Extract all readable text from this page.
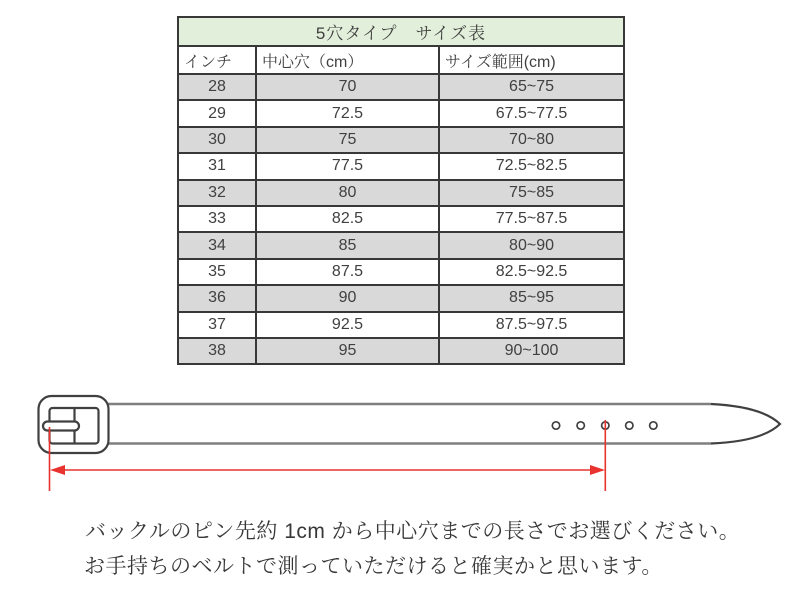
5穴タイプ　サイズ表		
インチ	中心穴（cm）	サイズ範囲(cm)
28	70	65~75
29	72.5	67.5~77.5
30	75	70~80
31	77.5	72.5~82.5
32	80	75~85
33	82.5	77.5~87.5
34	85	80~90
35	87.5	82.5~92.5
36	90	85~95
37	92.5	87.5~97.5
38	95	90~100
バックルのピン先約 1cm から中心穴までの長さでお選びください。
お手持ちのベルトで測っていただけると確実かと思います。
